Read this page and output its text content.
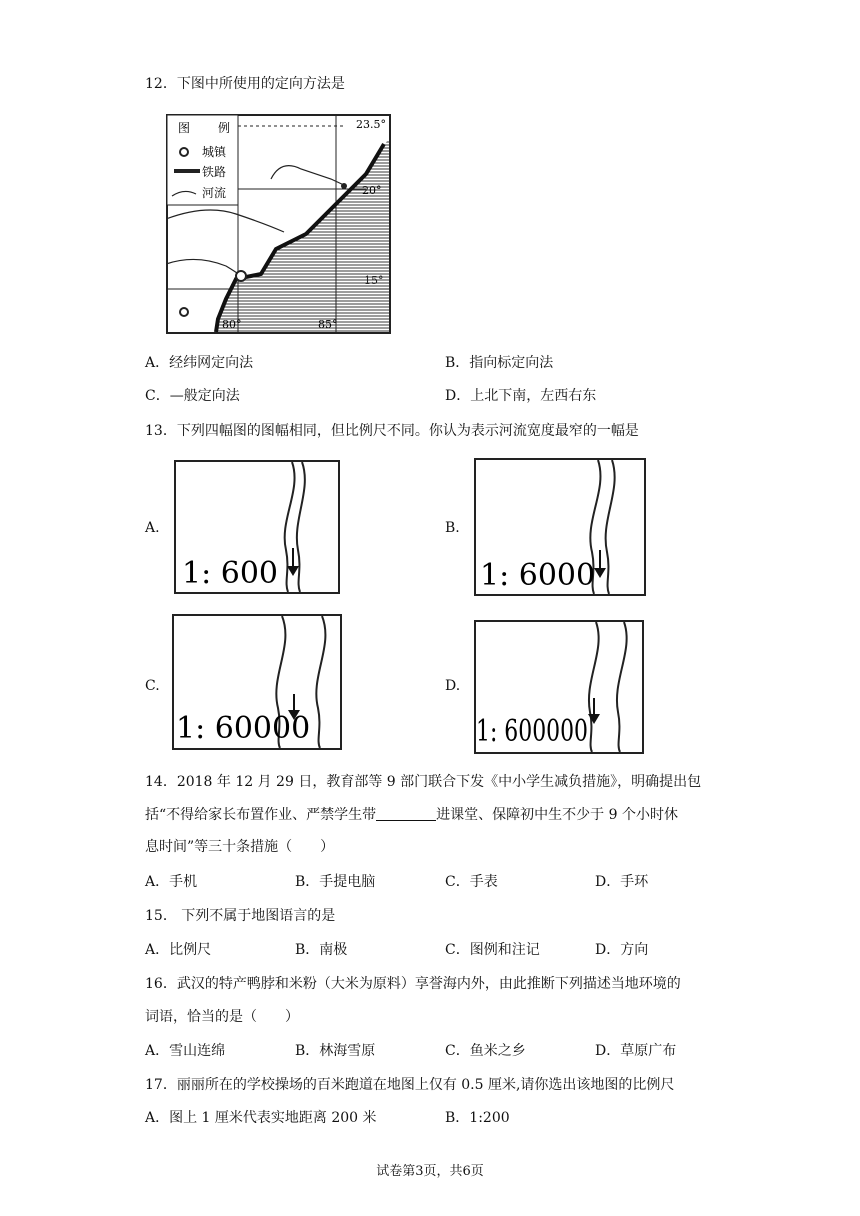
12．下图中所使用的定向方法是
图 例
城镇
铁路
河流
23.5°
20°
15°
80°	85°
A．经纬网定向法	B．指向标定向法
C．—般定向法	D．上北下南，左西右东
13．下列四幅图的图幅相同，但比例尺不同。你认为表示河流宽度最窄的一幅是
A.
1: 600
B.
1: 6000
C.
1: 60000
D.
1: 600000
14．2018 年 12 月 29 日，教育部等 9 部门联合下发《中小学生减负措施》，明确提出包
括“不得给家长布置作业、严禁学生带	进课堂、保障初中生不少于 9 个小时休
息时间”等三十条措施（　　）
A．手机	B．手提电脑	C．手表	D．手环
15． 下列不属于地图语言的是
A．比例尺	B．南极	C．图例和注记	D．方向
16．武汉的特产鸭脖和米粉（大米为原料）享誉海内外，由此推断下列描述当地环境的
词语，恰当的是（　　）
A．雪山连绵	B．林海雪原	C．鱼米之乡	D．草原广布
17．丽丽所在的学校操场的百米跑道在地图上仅有 0.5 厘米,请你选出该地图的比例尺
A．图上 1 厘米代表实地距离 200 米	B．1:200
试卷第3页，共6页
